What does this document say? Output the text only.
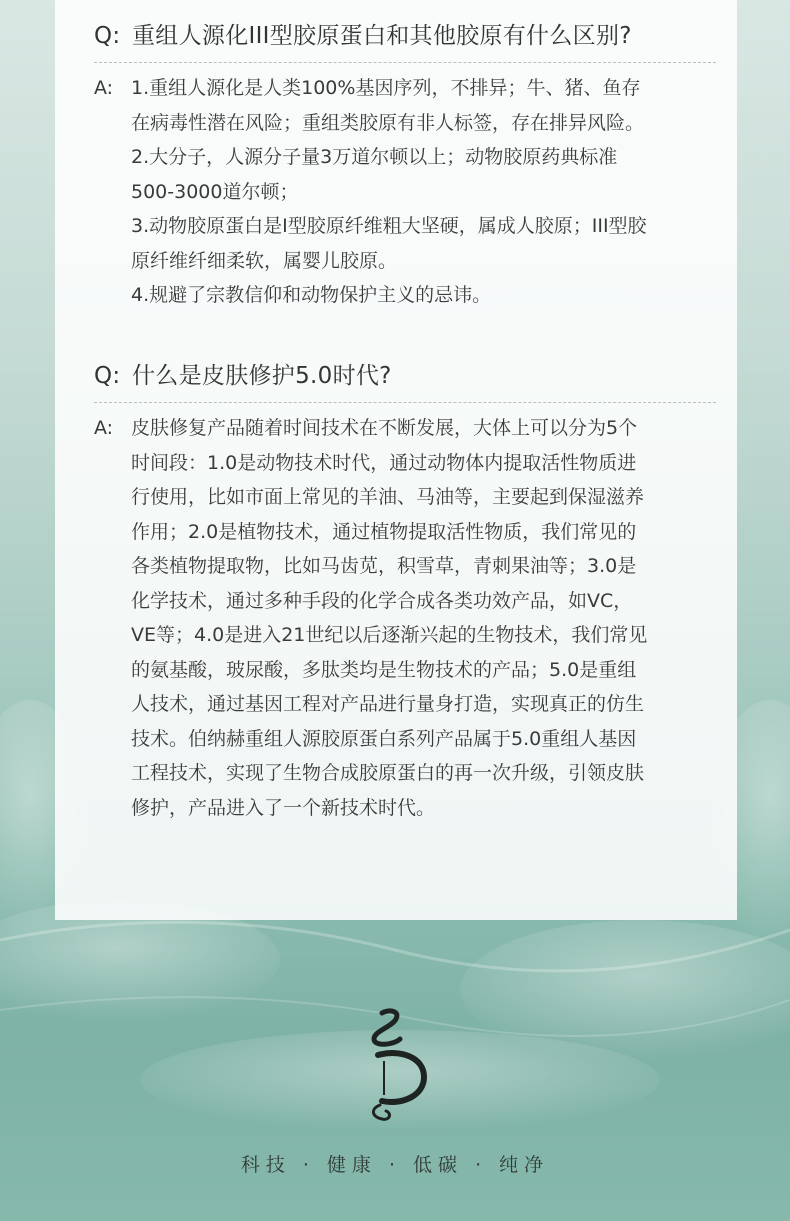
Q: 重组人源化III型胶原蛋白和其他胶原有什么区别?
A: 1.重组人源化是人类100%基因序列，不排异；牛、猪、鱼存
在病毒性潜在风险；重组类胶原有非人标签，存在排异风险。
2.大分子，人源分子量3万道尔顿以上；动物胶原药典标准
500-3000道尔顿；
3.动物胶原蛋白是I型胶原纤维粗大坚硬，属成人胶原；III型胶
原纤维纤细柔软，属婴儿胶原。
4.规避了宗教信仰和动物保护主义的忌讳。
Q: 什么是皮肤修护5.0时代?
A: 皮肤修复产品随着时间技术在不断发展，大体上可以分为5个
时间段：1.0是动物技术时代，通过动物体内提取活性物质进
行使用，比如市面上常见的羊油、马油等，主要起到保湿滋养
作用；2.0是植物技术，通过植物提取活性物质，我们常见的
各类植物提取物，比如马齿苋，积雪草，青刺果油等；3.0是
化学技术，通过多种手段的化学合成各类功效产品，如VC，
VE等；4.0是进入21世纪以后逐渐兴起的生物技术，我们常见
的氨基酸，玻尿酸，多肽类均是生物技术的产品；5.0是重组
人技术，通过基因工程对产品进行量身打造，实现真正的仿生
技术。伯纳赫重组人源胶原蛋白系列产品属于5.0重组人基因
工程技术，实现了生物合成胶原蛋白的再一次升级，引领皮肤
修护，产品进入了一个新技术时代。
科技 · 健康 · 低碳 · 纯净
